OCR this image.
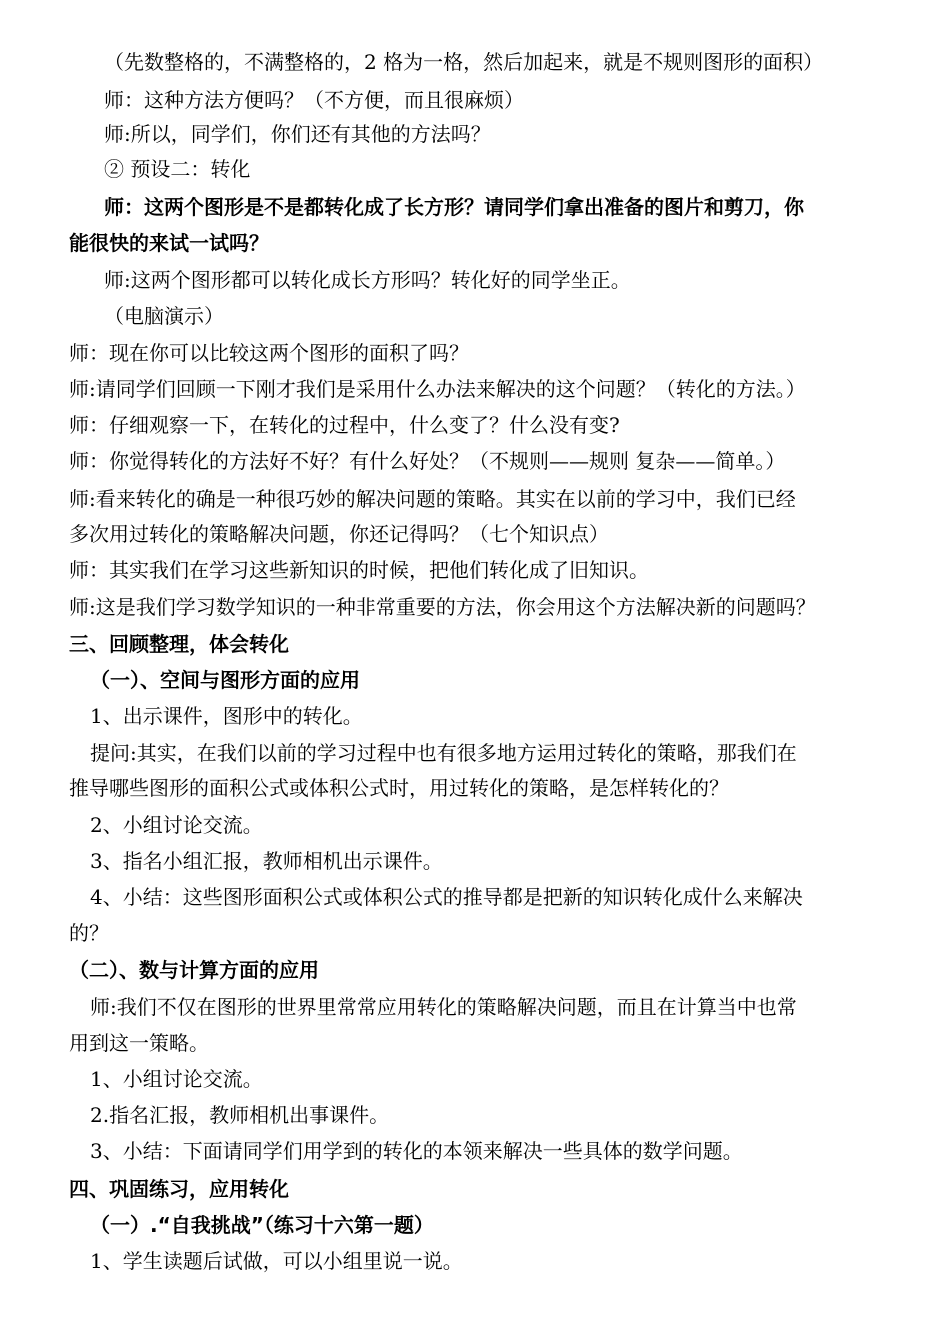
（先数整格的，不满整格的，2 格为一格，然后加起来，就是不规则图形的面积）
师：这种方法方便吗？（不方便，而且很麻烦）
师:所以，同学们，你们还有其他的方法吗？
② 预设二：转化
师：这两个图形是不是都转化成了长方形？请同学们拿出准备的图片和剪刀，你
能很快的来试一试吗？
师:这两个图形都可以转化成长方形吗？转化好的同学坐正。
（电脑演示）
师：现在你可以比较这两个图形的面积了吗？
师:请同学们回顾一下刚才我们是采用什么办法来解决的这个问题？（转化的方法。）
师：仔细观察一下，在转化的过程中，什么变了？什么没有变?
师：你觉得转化的方法好不好？有什么好处？（不规则——规则 复杂——简单。）
师:看来转化的确是一种很巧妙的解决问题的策略。其实在以前的学习中，我们已经
多次用过转化的策略解决问题，你还记得吗？（七个知识点）
师：其实我们在学习这些新知识的时候，把他们转化成了旧知识。
师:这是我们学习数学知识的一种非常重要的方法，你会用这个方法解决新的问题吗？
三、回顾整理，体会转化
（一）、空间与图形方面的应用
1、出示课件，图形中的转化。
提问:其实，在我们以前的学习过程中也有很多地方运用过转化的策略，那我们在
推导哪些图形的面积公式或体积公式时，用过转化的策略，是怎样转化的？
2、小组讨论交流。
3、指名小组汇报，教师相机出示课件。
4、小结：这些图形面积公式或体积公式的推导都是把新的知识转化成什么来解决
的？
（二）、数与计算方面的应用
师:我们不仅在图形的世界里常常应用转化的策略解决问题，而且在计算当中也常
用到这一策略。
1、小组讨论交流。
2.指名汇报，教师相机出事课件。
3、小结：下面请同学们用学到的转化的本领来解决一些具体的数学问题。
四、巩固练习，应用转化
（一）.“自我挑战”（练习十六第一题）
1、学生读题后试做，可以小组里说一说。
